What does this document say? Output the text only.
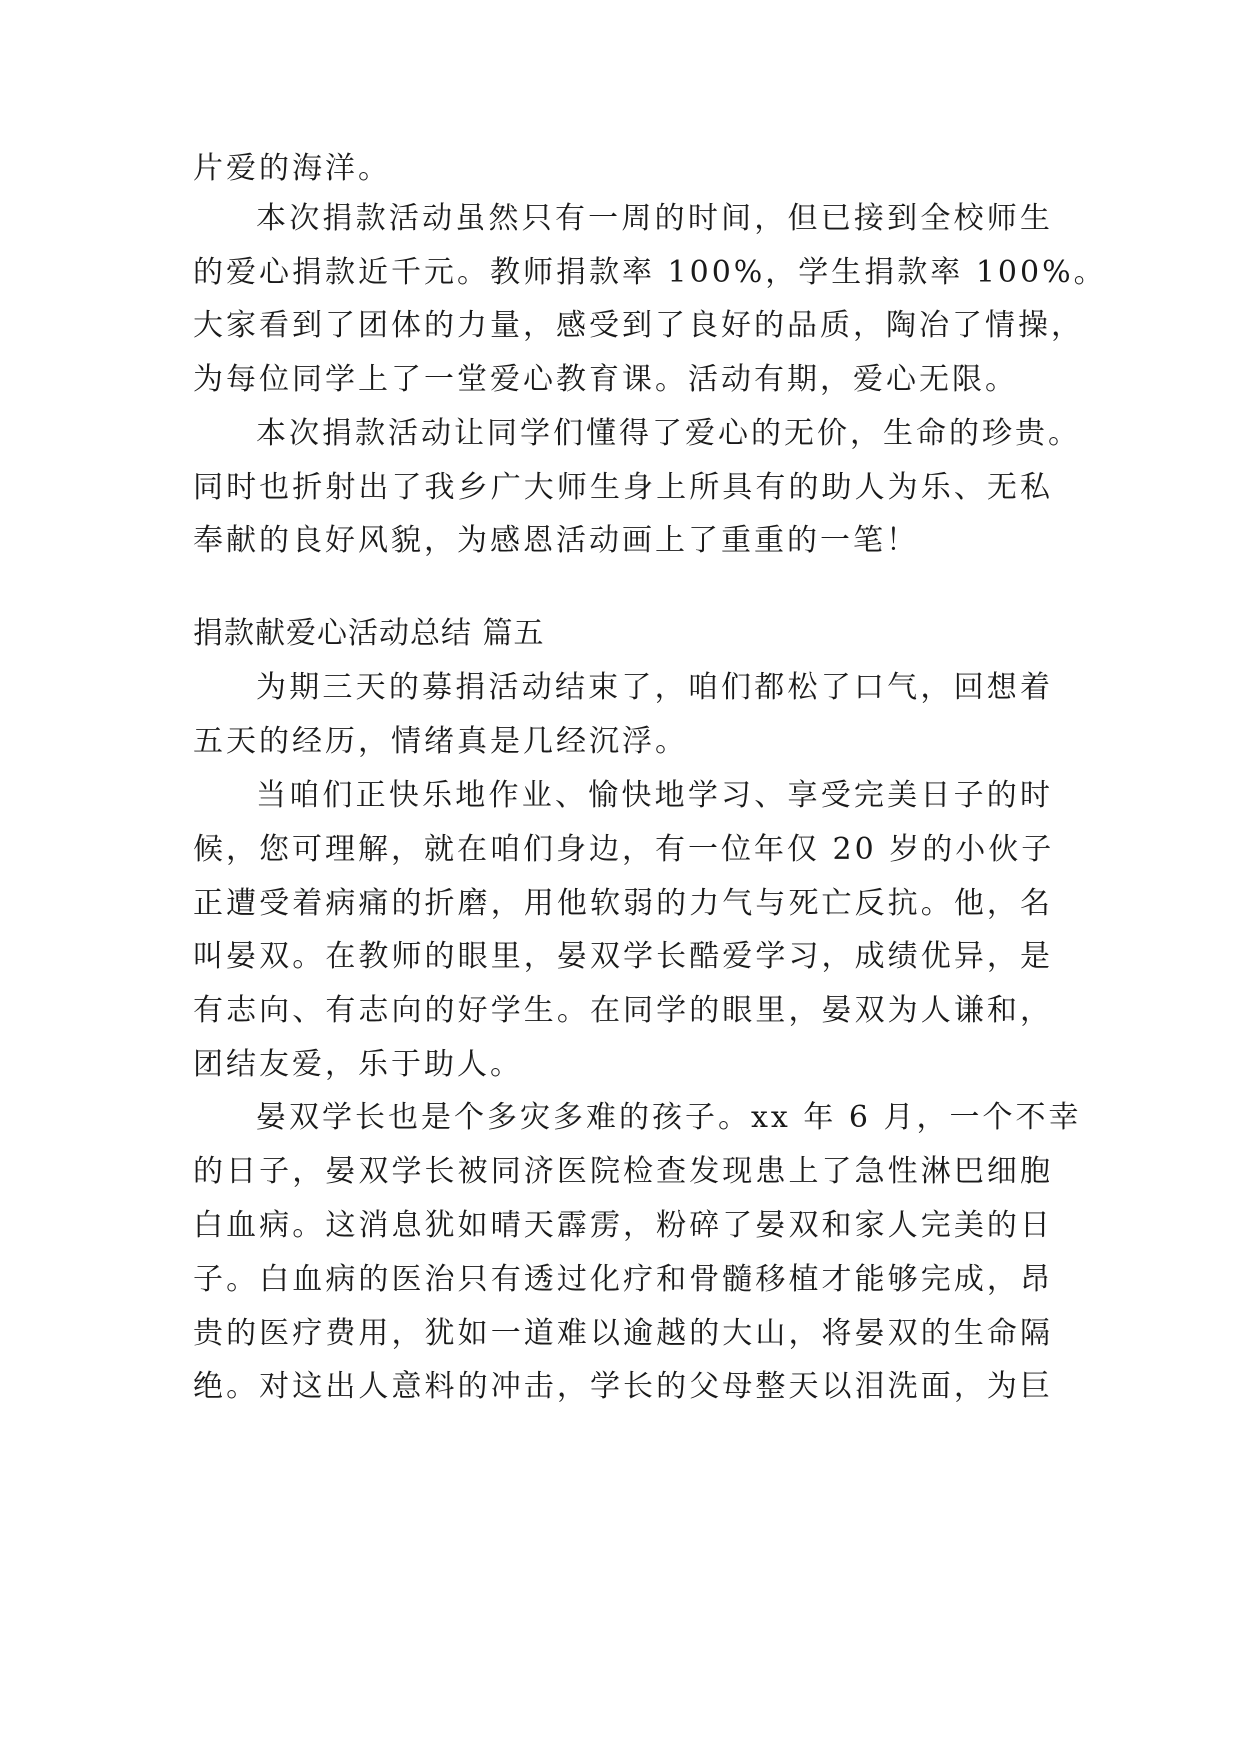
片爱的海洋。
本次捐款活动虽然只有一周的时间，但已接到全校师生
的爱心捐款近千元。教师捐款率 100%，学生捐款率 100%。
大家看到了团体的力量，感受到了良好的品质，陶冶了情操，
为每位同学上了一堂爱心教育课。活动有期，爱心无限。
本次捐款活动让同学们懂得了爱心的无价，生命的珍贵。
同时也折射出了我乡广大师生身上所具有的助人为乐、无私
奉献的良好风貌，为感恩活动画上了重重的一笔！
捐款献爱心活动总结 篇五
为期三天的募捐活动结束了，咱们都松了口气，回想着
五天的经历，情绪真是几经沉浮。
当咱们正快乐地作业、愉快地学习、享受完美日子的时
候，您可理解，就在咱们身边，有一位年仅 20 岁的小伙子
正遭受着病痛的折磨，用他软弱的力气与死亡反抗。他，名
叫晏双。在教师的眼里，晏双学长酷爱学习，成绩优异，是
有志向、有志向的好学生。在同学的眼里，晏双为人谦和，
团结友爱，乐于助人。
晏双学长也是个多灾多难的孩子。xx 年 6 月，一个不幸
的日子，晏双学长被同济医院检查发现患上了急性淋巴细胞
白血病。这消息犹如晴天霹雳，粉碎了晏双和家人完美的日
子。白血病的医治只有透过化疗和骨髓移植才能够完成，昂
贵的医疗费用，犹如一道难以逾越的大山，将晏双的生命隔
绝。对这出人意料的冲击，学长的父母整天以泪洗面，为巨
